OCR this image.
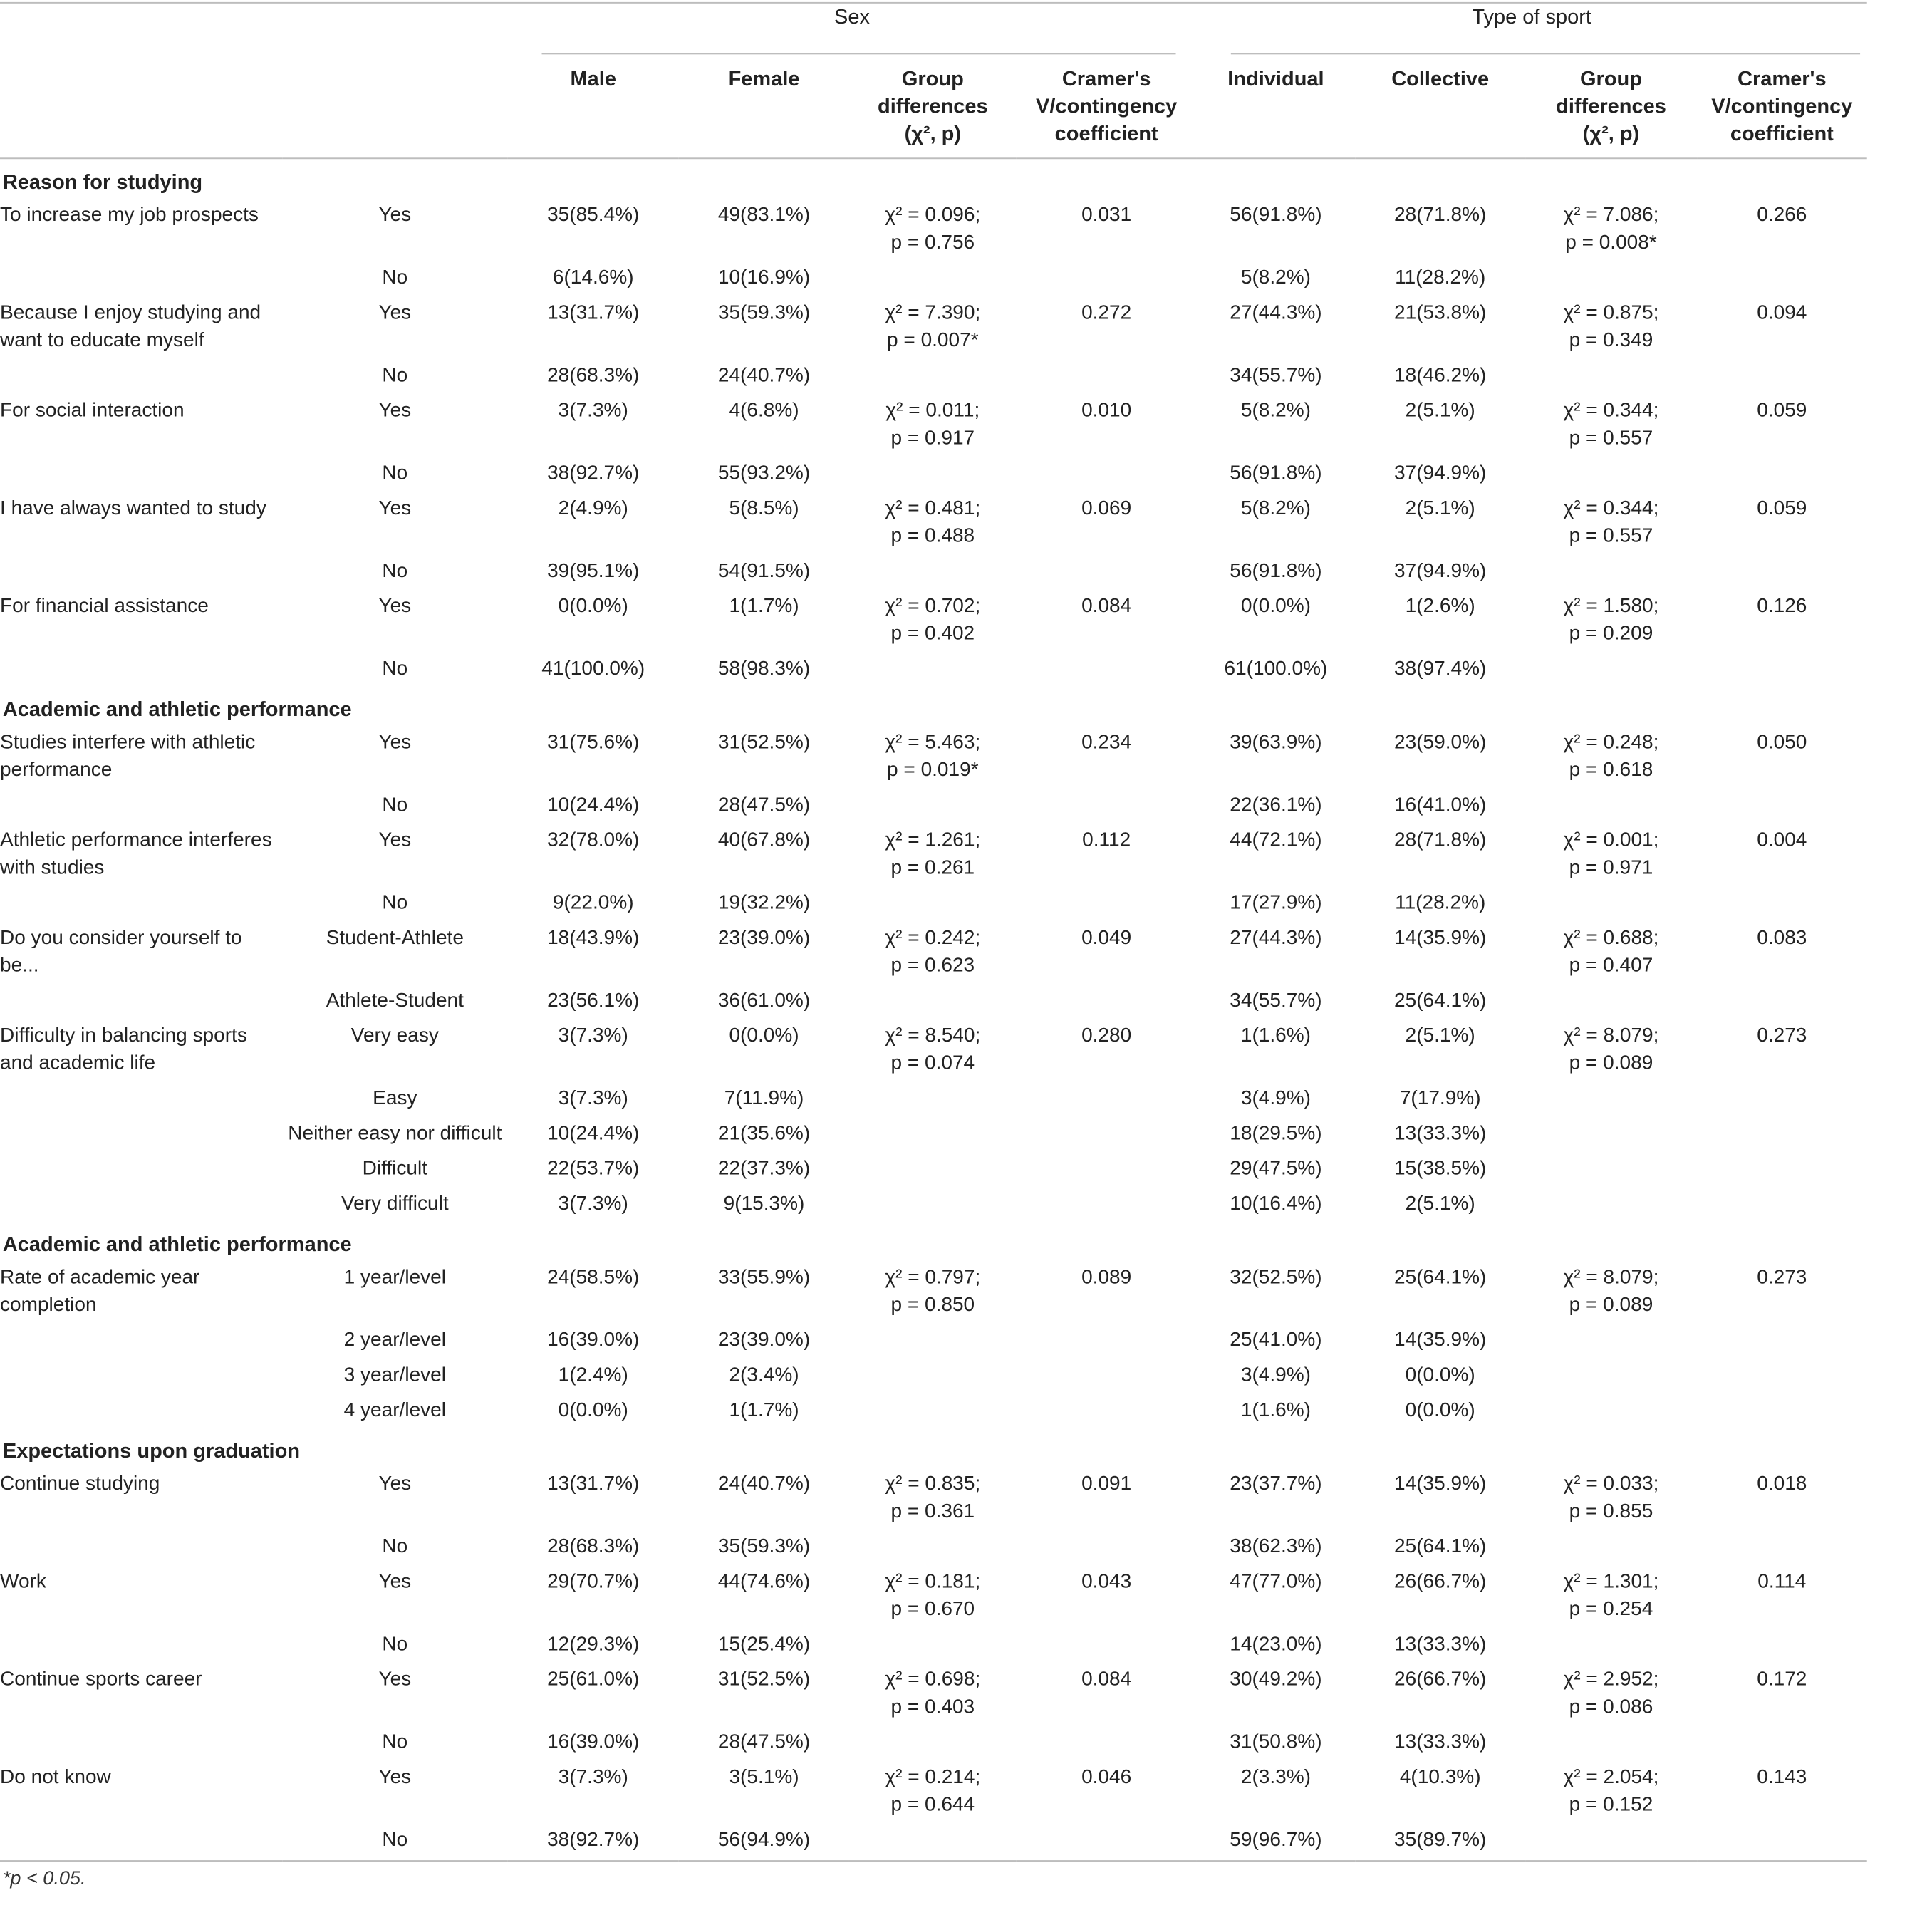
		Sex				Type of sport			

		Male	Female	Group
differences
(χ², p)	Cramer's
V/contingency
coefficient	Individual	Collective	Group
differences
(χ², p)	Cramer's
V/contingency
coefficient

Reason for studying									
To increase my job prospects	Yes	35(85.4%)	49(83.1%)	χ² = 0.096;
p = 0.756	0.031	56(91.8%)	28(71.8%)	χ² = 7.086;
p = 0.008*	0.266
	No	6(14.6%)	10(16.9%)			5(8.2%)	11(28.2%)		
Because I enjoy studying and want to educate myself	Yes	13(31.7%)	35(59.3%)	χ² = 7.390;
p = 0.007*	0.272	27(44.3%)	21(53.8%)	χ² = 0.875;
p = 0.349	0.094
	No	28(68.3%)	24(40.7%)			34(55.7%)	18(46.2%)		
For social interaction	Yes	3(7.3%)	4(6.8%)	χ² = 0.011;
p = 0.917	0.010	5(8.2%)	2(5.1%)	χ² = 0.344;
p = 0.557	0.059
	No	38(92.7%)	55(93.2%)			56(91.8%)	37(94.9%)		
I have always wanted to study	Yes	2(4.9%)	5(8.5%)	χ² = 0.481;
p = 0.488	0.069	5(8.2%)	2(5.1%)	χ² = 0.344;
p = 0.557	0.059
	No	39(95.1%)	54(91.5%)			56(91.8%)	37(94.9%)		
For financial assistance	Yes	0(0.0%)	1(1.7%)	χ² = 0.702;
p = 0.402	0.084	0(0.0%)	1(2.6%)	χ² = 1.580;
p = 0.209	0.126
	No	41(100.0%)	58(98.3%)			61(100.0%)	38(97.4%)		
Academic and athletic performance									
Studies interfere with athletic performance	Yes	31(75.6%)	31(52.5%)	χ² = 5.463;
p = 0.019*	0.234	39(63.9%)	23(59.0%)	χ² = 0.248;
p = 0.618	0.050
	No	10(24.4%)	28(47.5%)			22(36.1%)	16(41.0%)		
Athletic performance interferes with studies	Yes	32(78.0%)	40(67.8%)	χ² = 1.261;
p = 0.261	0.112	44(72.1%)	28(71.8%)	χ² = 0.001;
p = 0.971	0.004
	No	9(22.0%)	19(32.2%)			17(27.9%)	11(28.2%)		
Do you consider yourself to be...	Student-Athlete	18(43.9%)	23(39.0%)	χ² = 0.242;
p = 0.623	0.049	27(44.3%)	14(35.9%)	χ² = 0.688;
p = 0.407	0.083
	Athlete-Student	23(56.1%)	36(61.0%)			34(55.7%)	25(64.1%)		
Difficulty in balancing sports and academic life	Very easy	3(7.3%)	0(0.0%)	χ² = 8.540;
p = 0.074	0.280	1(1.6%)	2(5.1%)	χ² = 8.079;
p = 0.089	0.273
	Easy	3(7.3%)	7(11.9%)			3(4.9%)	7(17.9%)		
	Neither easy nor difficult	10(24.4%)	21(35.6%)			18(29.5%)	13(33.3%)		
	Difficult	22(53.7%)	22(37.3%)			29(47.5%)	15(38.5%)		
	Very difficult	3(7.3%)	9(15.3%)			10(16.4%)	2(5.1%)		
Academic and athletic performance									
Rate of academic year completion	1 year/level	24(58.5%)	33(55.9%)	χ² = 0.797;
p = 0.850	0.089	32(52.5%)	25(64.1%)	χ² = 8.079;
p = 0.089	0.273
	2 year/level	16(39.0%)	23(39.0%)			25(41.0%)	14(35.9%)		
	3 year/level	1(2.4%)	2(3.4%)			3(4.9%)	0(0.0%)		
	4 year/level	0(0.0%)	1(1.7%)			1(1.6%)	0(0.0%)		
Expectations upon graduation									
Continue studying	Yes	13(31.7%)	24(40.7%)	χ² = 0.835;
p = 0.361	0.091	23(37.7%)	14(35.9%)	χ² = 0.033;
p = 0.855	0.018
	No	28(68.3%)	35(59.3%)			38(62.3%)	25(64.1%)		
Work	Yes	29(70.7%)	44(74.6%)	χ² = 0.181;
p = 0.670	0.043	47(77.0%)	26(66.7%)	χ² = 1.301;
p = 0.254	0.114
	No	12(29.3%)	15(25.4%)			14(23.0%)	13(33.3%)		
Continue sports career	Yes	25(61.0%)	31(52.5%)	χ² = 0.698;
p = 0.403	0.084	30(49.2%)	26(66.7%)	χ² = 2.952;
p = 0.086	0.172
	No	16(39.0%)	28(47.5%)			31(50.8%)	13(33.3%)		
Do not know	Yes	3(7.3%)	3(5.1%)	χ² = 0.214;
p = 0.644	0.046	2(3.3%)	4(10.3%)	χ² = 2.054;
p = 0.152	0.143
	No	38(92.7%)	56(94.9%)			59(96.7%)	35(89.7%)		
*p < 0.05.
